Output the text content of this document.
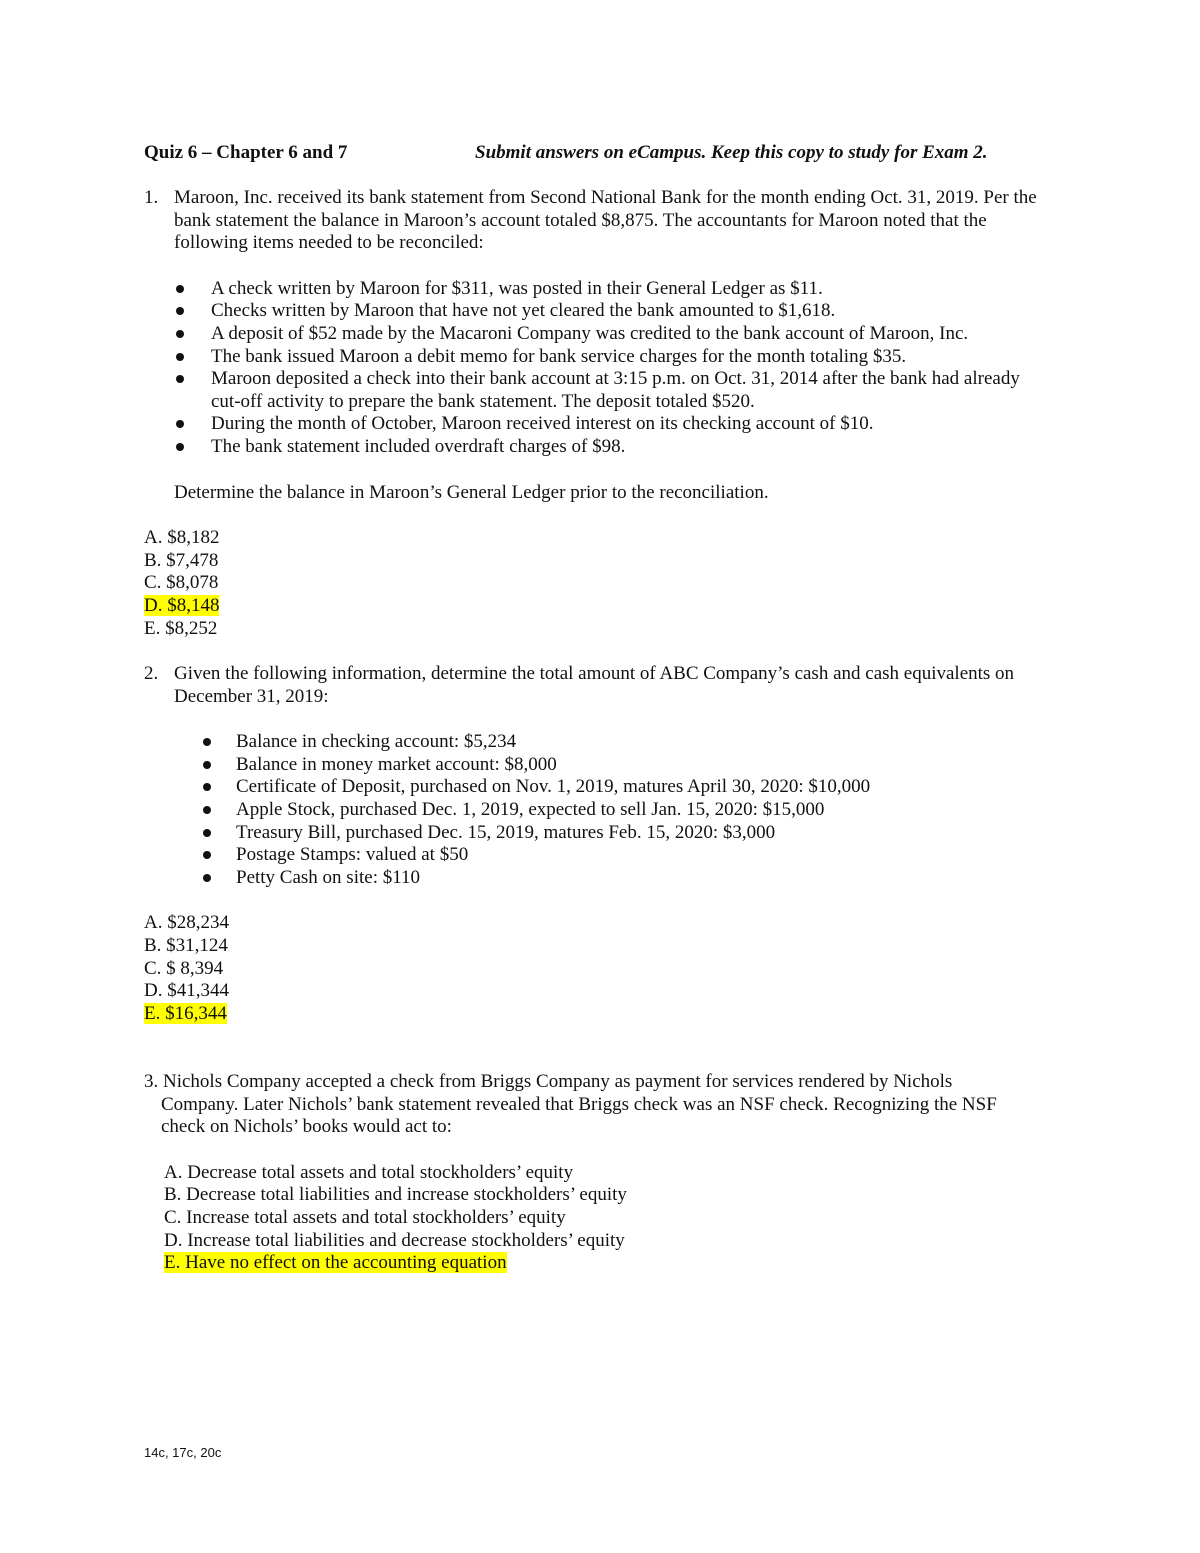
Quiz 6 – Chapter 6 and 7	Submit answers on eCampus. Keep this copy to study for Exam 2.
1. Maroon, Inc. received its bank statement from Second National Bank for the month ending Oct. 31, 2019. Per the bank statement the balance in Maroon’s account totaled $8,875. The accountants for Maroon noted that the following items needed to be reconciled:
A check written by Maroon for $311, was posted in their General Ledger as $11.
Checks written by Maroon that have not yet cleared the bank amounted to $1,618.
A deposit of $52 made by the Macaroni Company was credited to the bank account of Maroon, Inc.
The bank issued Maroon a debit memo for bank service charges for the month totaling $35.
Maroon deposited a check into their bank account at 3:15 p.m. on Oct. 31, 2014 after the bank had already cut-off activity to prepare the bank statement. The deposit totaled $520.
During the month of October, Maroon received interest on its checking account of $10.
The bank statement included overdraft charges of $98.
Determine the balance in Maroon’s General Ledger prior to the reconciliation.
A. $8,182
B. $7,478
C. $8,078
D. $8,148
E. $8,252
2. Given the following information, determine the total amount of ABC Company’s cash and cash equivalents on December 31, 2019:
Balance in checking account: $5,234
Balance in money market account: $8,000
Certificate of Deposit, purchased on Nov. 1, 2019, matures April 30, 2020: $10,000
Apple Stock, purchased Dec. 1, 2019, expected to sell Jan. 15, 2020: $15,000
Treasury Bill, purchased Dec. 15, 2019, matures Feb. 15, 2020: $3,000
Postage Stamps: valued at $50
Petty Cash on site: $110
A. $28,234
B. $31,124
C. $ 8,394
D. $41,344
E. $16,344
3. Nichols Company accepted a check from Briggs Company as payment for services rendered by Nichols
Company. Later Nichols’ bank statement revealed that Briggs check was an NSF check. Recognizing the NSF
check on Nichols’ books would act to:
A. Decrease total assets and total stockholders’ equity
B. Decrease total liabilities and increase stockholders’ equity
C. Increase total assets and total stockholders’ equity
D. Increase total liabilities and decrease stockholders’ equity
E. Have no effect on the accounting equation
14c, 17c, 20c
